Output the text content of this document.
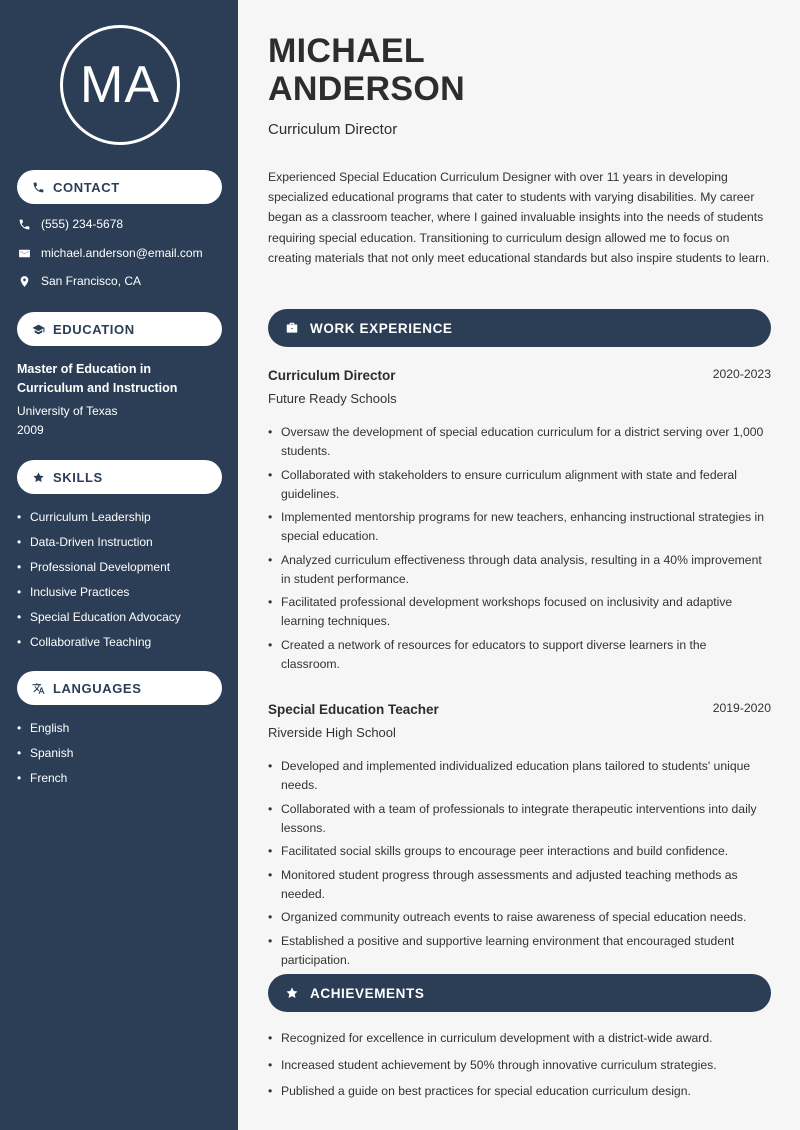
MA
CONTACT
(555) 234-5678
michael.anderson@email.com
San Francisco, CA
EDUCATION
Master of Education in Curriculum and Instruction
University of Texas
2009
SKILLS
• Curriculum Leadership
• Data-Driven Instruction
• Professional Development
• Inclusive Practices
• Special Education Advocacy
• Collaborative Teaching
LANGUAGES
• English
• Spanish
• French
MICHAEL
ANDERSON
Curriculum Director

Experienced Special Education Curriculum Designer with over 11 years in developing specialized educational programs that cater to students with varying disabilities. My career began as a classroom teacher, where I gained invaluable insights into the needs of students requiring special education. Transitioning to curriculum design allowed me to focus on creating materials that not only meet educational standards but also inspire students to learn.

WORK EXPERIENCE
Curriculum Director	2020-2023
Future Ready Schools
• Oversaw the development of special education curriculum for a district serving over 1,000 students.
• Collaborated with stakeholders to ensure curriculum alignment with state and federal guidelines.
• Implemented mentorship programs for new teachers, enhancing instructional strategies in special education.
• Analyzed curriculum effectiveness through data analysis, resulting in a 40% improvement in student performance.
• Facilitated professional development workshops focused on inclusivity and adaptive learning techniques.
• Created a network of resources for educators to support diverse learners in the classroom.
Special Education Teacher	2019-2020
Riverside High School
• Developed and implemented individualized education plans tailored to students' unique needs.
• Collaborated with a team of professionals to integrate therapeutic interventions into daily lessons.
• Facilitated social skills groups to encourage peer interactions and build confidence.
• Monitored student progress through assessments and adjusted teaching methods as needed.
• Organized community outreach events to raise awareness of special education needs.
• Established a positive and supportive learning environment that encouraged student participation.
ACHIEVEMENTS
• Recognized for excellence in curriculum development with a district-wide award.
• Increased student achievement by 50% through innovative curriculum strategies.
• Published a guide on best practices for special education curriculum design.
